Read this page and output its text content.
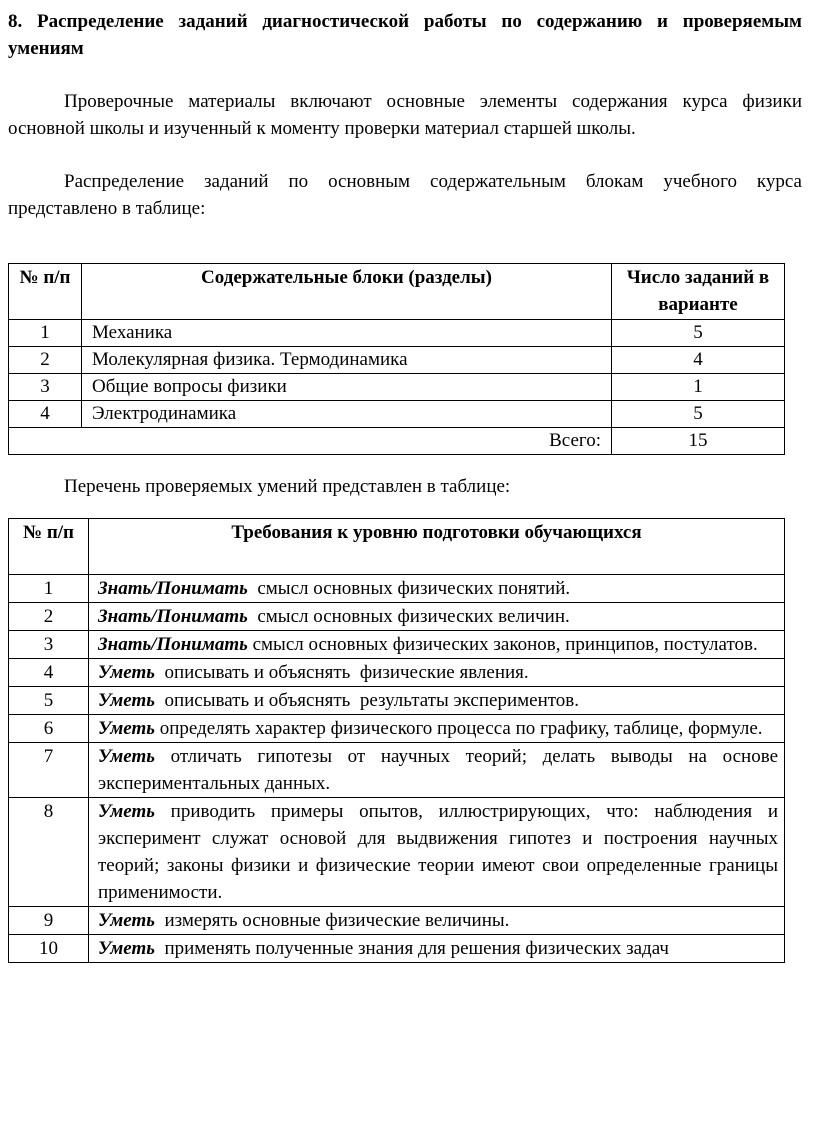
8. Распределение заданий диагностической работы по содержанию и проверяемым умениям

Проверочные материалы включают основные элементы содержания курса физики основной школы и изученный к моменту проверки материал старшей школы.

Распределение заданий по основным содержательным блокам учебного курса представлено в таблице:

№ п/п	Содержательные блоки (разделы)	Число заданий в варианте
1	Механика	5
2	Молекулярная физика. Термодинамика	4
3	Общие вопросы физики	1
4	Электродинамика	5
Всего:		15

Перечень проверяемых умений представлен в таблице:

№ п/п	Требования к уровню подготовки обучающихся
1	Знать/Понимать  смысл основных физических понятий.
2	Знать/Понимать  смысл основных физических величин.
3	Знать/Понимать смысл основных физических законов, принципов, постулатов.
4	Уметь  описывать и объяснять  физические явления.
5	Уметь  описывать и объяснять  результаты экспериментов.
6	Уметь определять характер физического процесса по графику, таблице, формуле.
7	Уметь отличать гипотезы от научных теорий; делать выводы на основе экспериментальных данных.
8	Уметь приводить примеры опытов, иллюстрирующих, что: наблюдения и эксперимент служат основой для выдвижения гипотез и построения научных теорий; законы физики и физические теории имеют свои определенные границы применимости.
9	Уметь  измерять основные физические величины.
10	Уметь  применять полученные знания для решения физических задач
